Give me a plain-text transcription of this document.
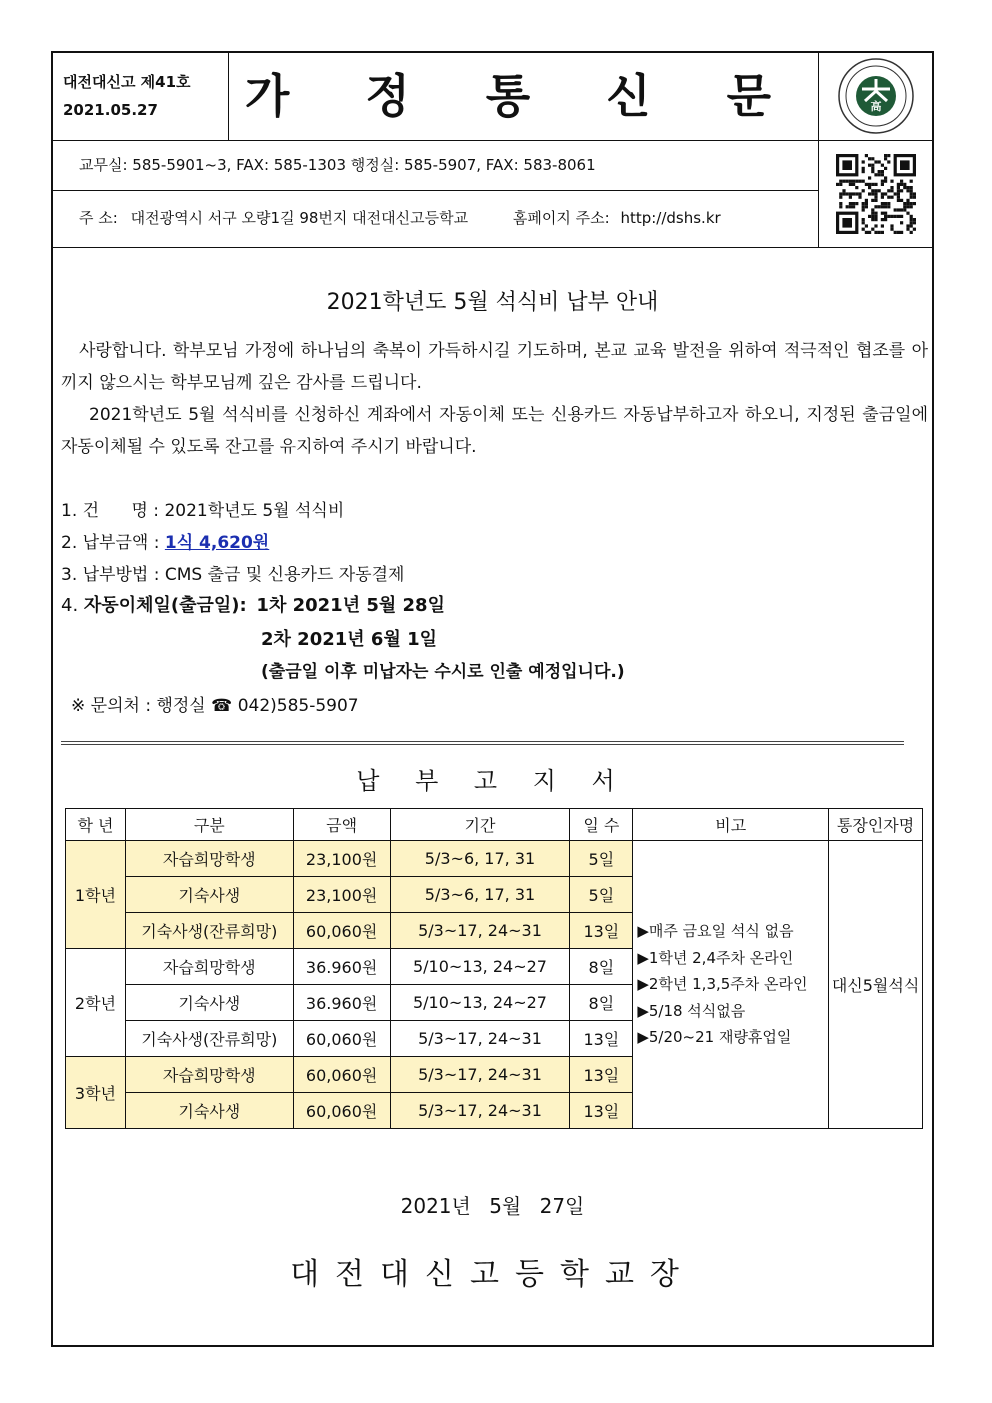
대전대신고 제41호
2021.05.27	가 정 통 신 문	高
교무실: 585-5901~3, FAX: 585-1303 행정실: 585-5907, FAX: 583-8061
주 소: 대전광역시 서구 오량1길 98번지 대전대신고등학교	홈페이지 주소: http://dshs.kr
2021학년도 5월 석식비 납부 안내
사랑합니다. 학부모님 가정에 하나님의 축복이 가득하시길 기도하며, 본교 교육 발전을 위하여 적극적인 협조를 아끼지 않으시는 학부모님께 깊은 감사를 드립니다.
2021학년도 5월 석식비를 신청하신 계좌에서 자동이체 또는 신용카드 자동납부하고자 하오니, 지정된 출금일에 자동이체될 수 있도록 잔고를 유지하여 주시기 바랍니다.
1. 건      명 : 2021학년도 5월 석식비
2. 납부금액 : 1식 4,620원
3. 납부방법 : CMS 출금 및 신용카드 자동결제
4. 자동이체일(출금일): 1차 2021년 5월 28일
2차 2021년 6월 1일
(출금일 이후 미납자는 수시로 인출 예정입니다.)
※ 문의처 : 행정실 ☎ 042)585-5907
납 부 고 지 서
학 년	구분	금액	기간	일 수	비고	통장인자명
1학년	자습희망학생	23,100원	5/3~6, 17, 31	5일	▶매주 금요일 석식 없음
▶1학년 2,4주차 온라인
▶2학년 1,3,5주차 온라인
▶5/18 석식없음
▶5/20~21 재량휴업일	대신5월석식
	기숙사생	23,100원	5/3~6, 17, 31	5일		
	기숙사생(잔류희망)	60,060원	5/3~17, 24~31	13일		
2학년	자습희망학생	36.960원	5/10~13, 24~27	8일		
	기숙사생	36.960원	5/10~13, 24~27	8일		
	기숙사생(잔류희망)	60,060원	5/3~17, 24~31	13일		
3학년	자습희망학생	60,060원	5/3~17, 24~31	13일		
	기숙사생	60,060원	5/3~17, 24~31	13일		
2021년 5월 27일
대전대신고등학교장
